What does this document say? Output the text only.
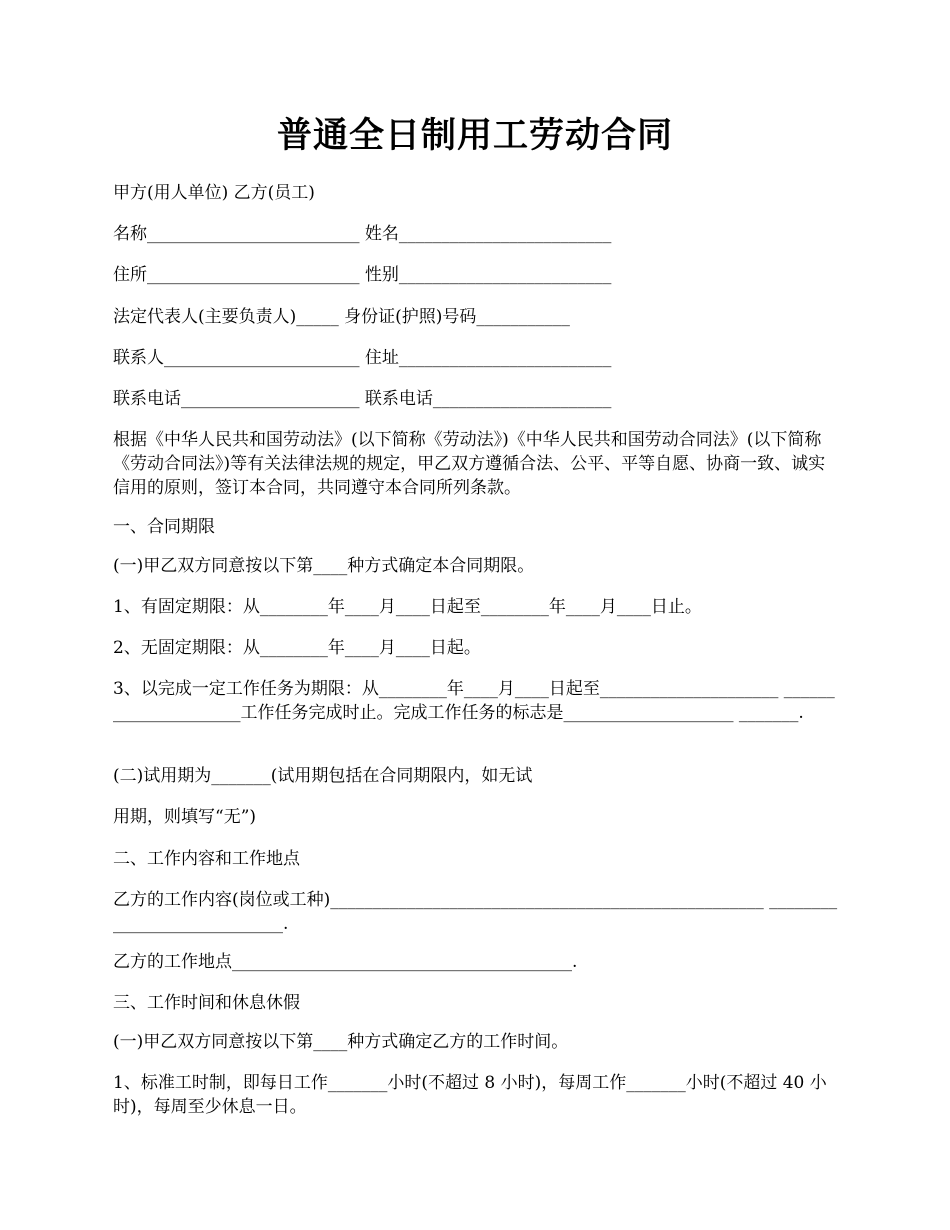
普通全日制用工劳动合同
甲方(用人单位) 乙方(员工)
名称_________________________ 姓名_________________________
住所_________________________ 性别_________________________
法定代表人(主要负责人)_____ 身份证(护照)号码___________
联系人_______________________ 住址_________________________
联系电话_____________________ 联系电话_____________________
根据《中华人民共和国劳动法》(以下简称《劳动法》)《中华人民共和国劳动合同法》(以下简称《劳动合同法》)等有关法律法规的规定，甲乙双方遵循合法、公平、平等自愿、协商一致、诚实信用的原则，签订本合同，共同遵守本合同所列条款。
一、合同期限
(一)甲乙双方同意按以下第____种方式确定本合同期限。
1、有固定期限：从________年____月____日起至________年____月____日止。
2、无固定期限：从________年____月____日起。
3、以完成一定工作任务为期限：从________年____月____日起至_____________________ _____________________工作任务完成时止。完成工作任务的标志是____________________ _______.
(二)试用期为_______(试用期包括在合同期限内，如无试
用期，则填写“无”)
二、工作内容和工作地点
乙方的工作内容(岗位或工种)___________________________________________________ ____________________________.
乙方的工作地点________________________________________.
三、工作时间和休息休假
(一)甲乙双方同意按以下第____种方式确定乙方的工作时间。
1、标准工时制，即每日工作_______小时(不超过 8 小时)，每周工作_______小时(不超过 40 小时)，每周至少休息一日。
